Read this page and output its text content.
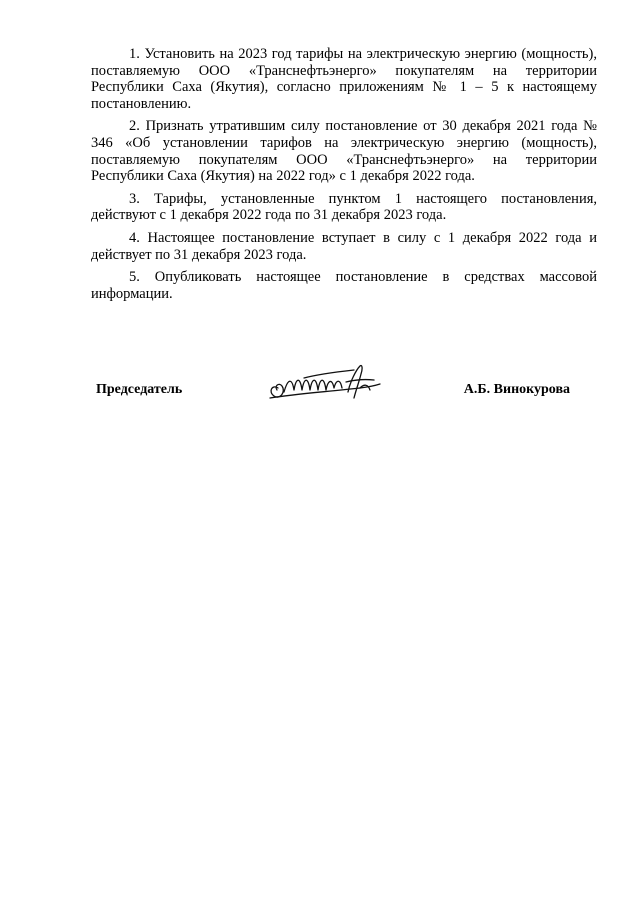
1. Установить на 2023 год тарифы на электрическую энергию (мощность), поставляемую ООО «Транснефтьэнерго» покупателям на территории Республики Саха (Якутия), согласно приложениям № 1 – 5 к настоящему постановлению.

2. Признать утратившим силу постановление от 30 декабря 2021 года № 346 «Об установлении тарифов на электрическую энергию (мощность), поставляемую покупателям ООО «Транснефтьэнерго» на территории Республики Саха (Якутия) на 2022 год» с 1 декабря 2022 года.

3. Тарифы, установленные пунктом 1 настоящего постановления, действуют с 1 декабря 2022 года по 31 декабря 2023 года.

4. Настоящее постановление вступает в силу с 1 декабря 2022 года и действует по 31 декабря 2023 года.

5. Опубликовать настоящее постановление в средствах массовой информации.

Председатель	А.Б. Винокурова
